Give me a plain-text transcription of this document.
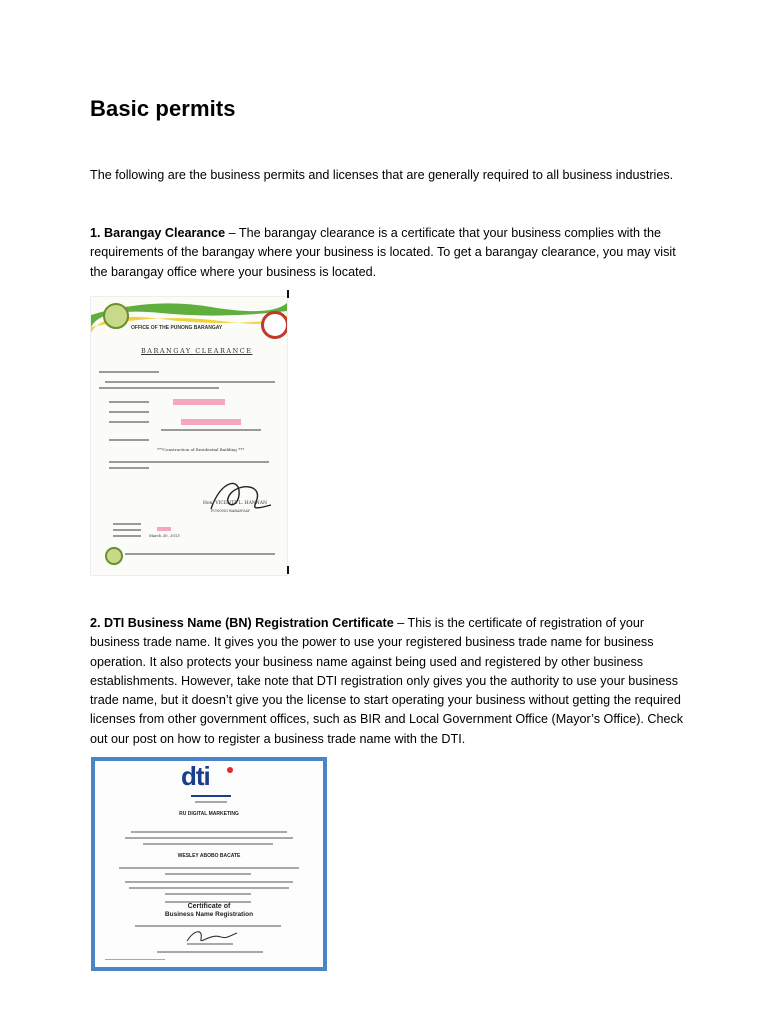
Basic permits

The following are the business permits and licenses that are generally required to all business industries.

1. Barangay Clearance – The barangay clearance is a certificate that your business complies with the requirements of the barangay where your business is located. To get a barangay clearance, you may visit the barangay office where your business is located.

OFFICE OF THE PUNONG BARANGAY
BARANGAY CLEARANCE
***Construction of Residential Building ***
Hon. VICENTE L. HANNAN
PUNONG BARANGAY
March 30, 2013

2. DTI Business Name (BN) Registration Certificate – This is the certificate of registration of your business trade name. It gives you the power to use your registered business trade name for business operation. It also protects your business name against being used and registered by other business establishments. However, take note that DTI registration only gives you the authority to use your business trade name, but it doesn’t give you the license to start operating your business without getting the required licenses from other government offices, such as BIR and Local Government Office (Mayor’s Office). Check out our post on how to register a business trade name with the DTI.

dti
RU DIGITAL MARKETING
WESLEY ABOBO BACATE
Certificate of
Business Name Registration
